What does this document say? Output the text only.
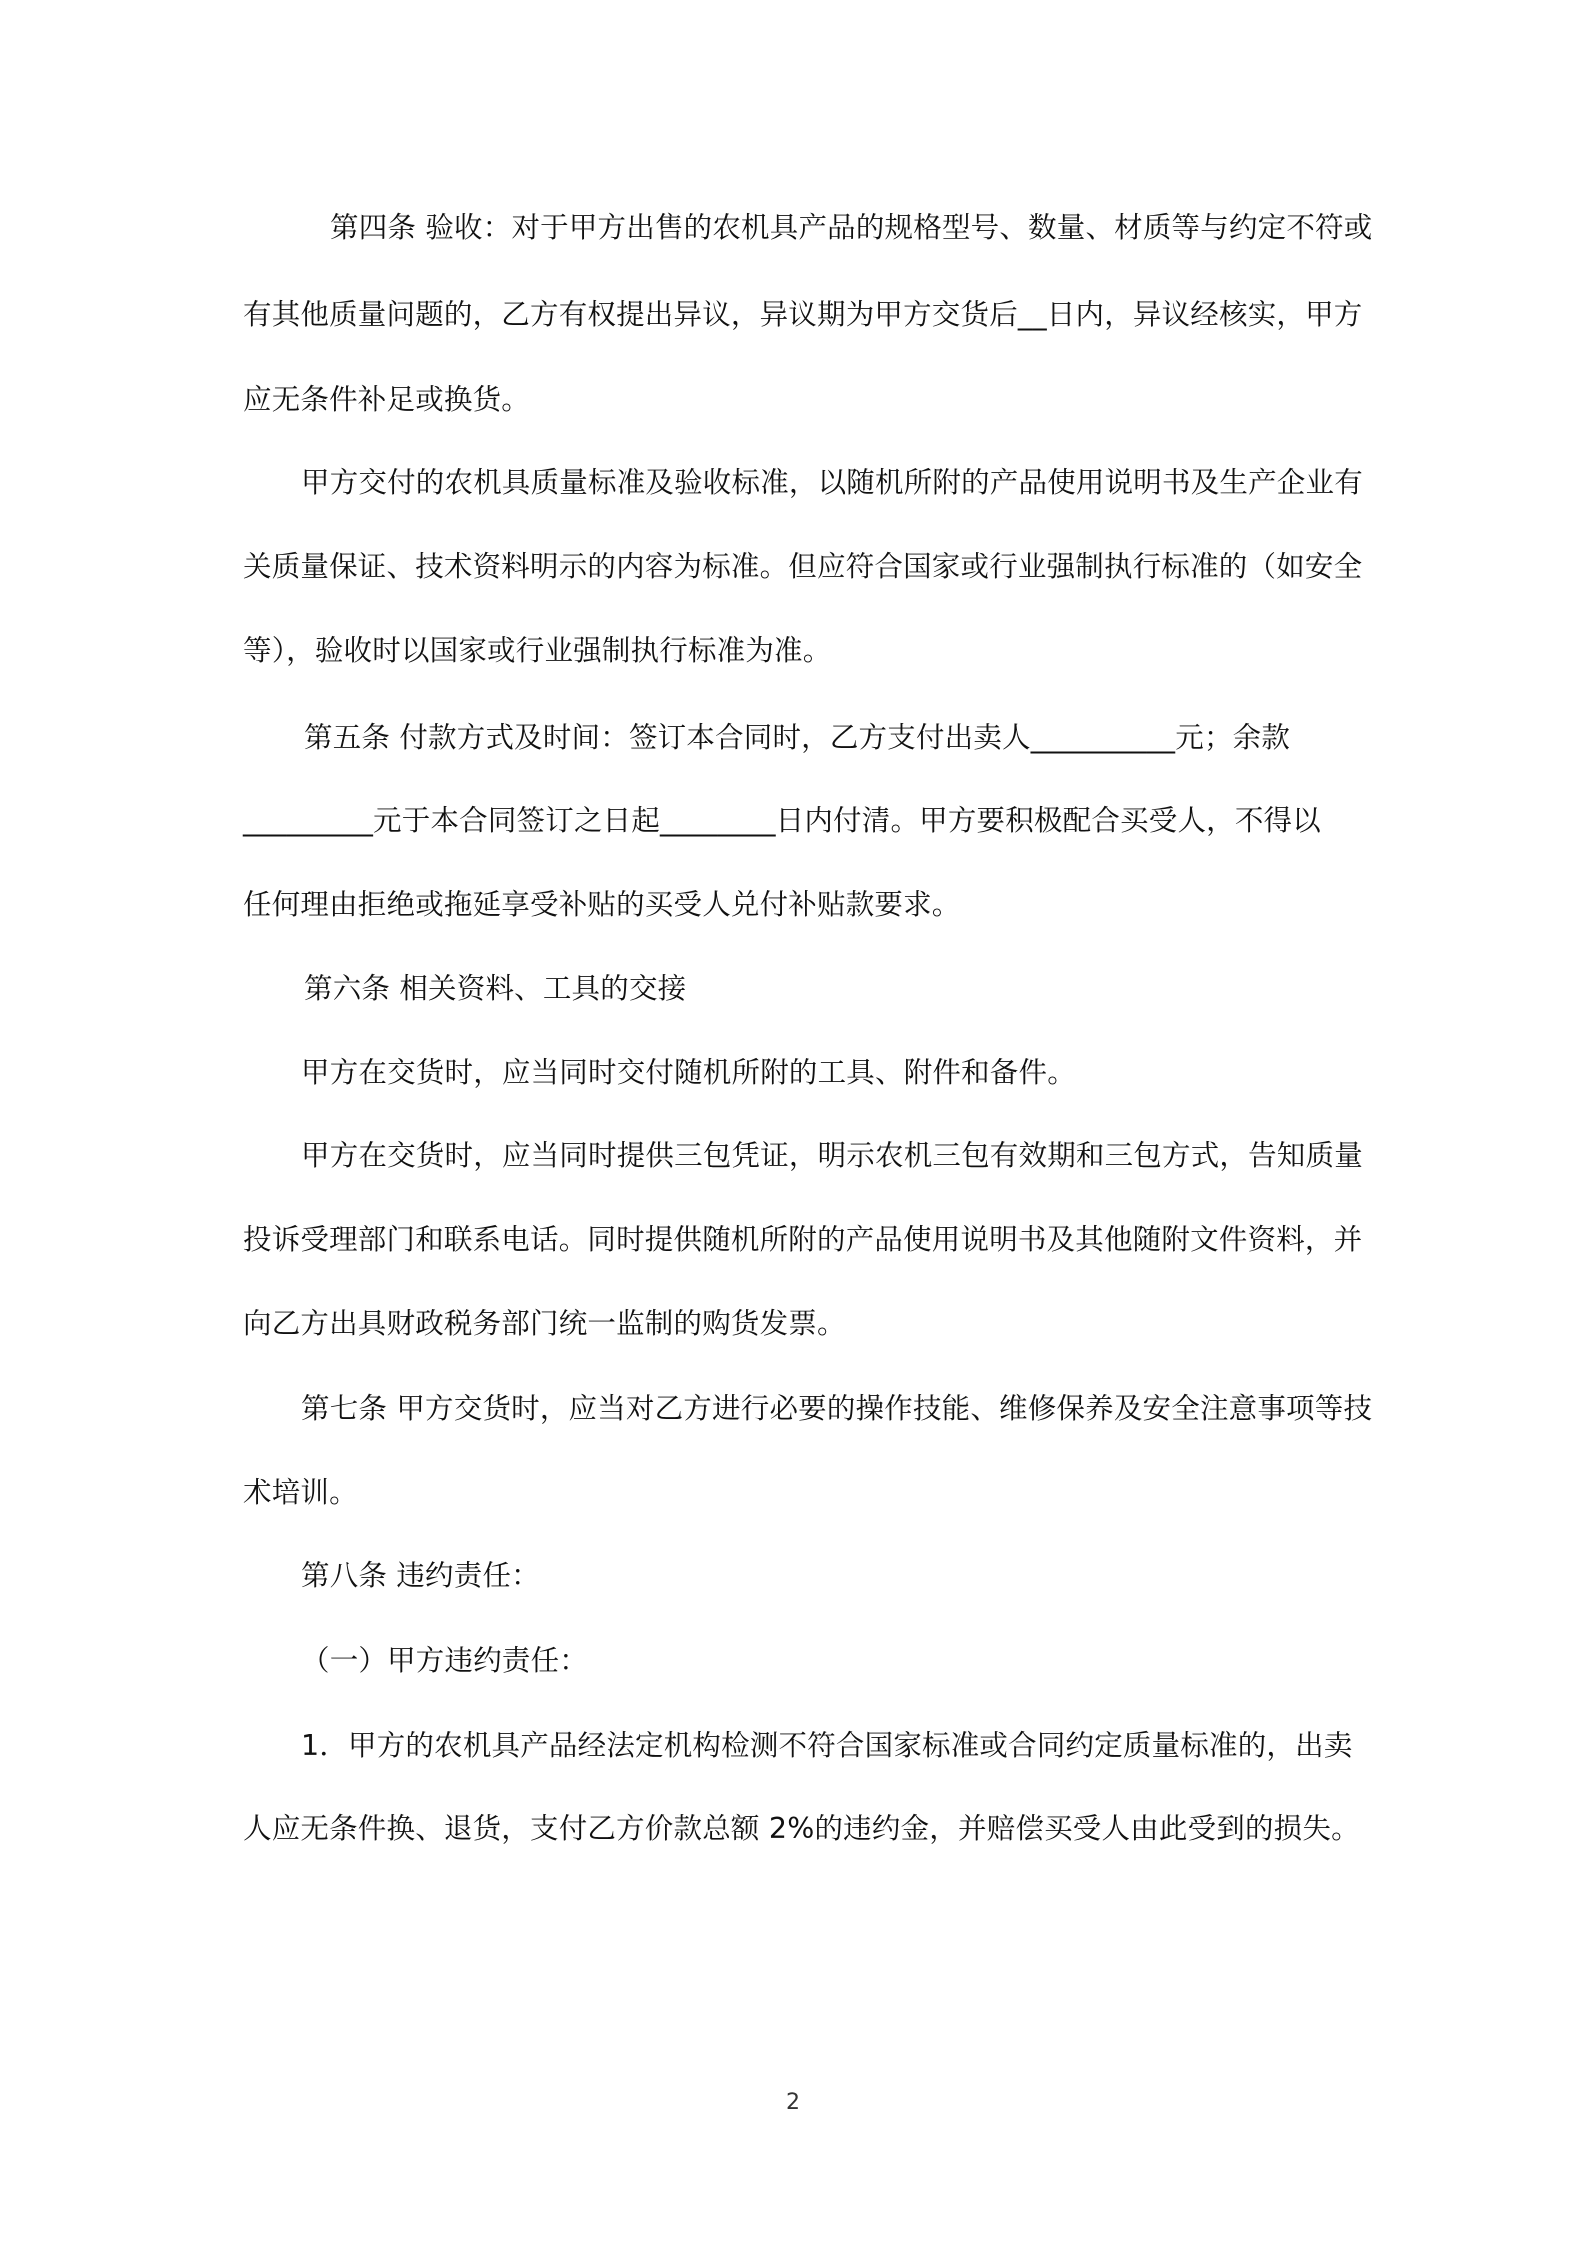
第四条 验收：对于甲方出售的农机具产品的规格型号、数量、材质等与约定不符或
有其他质量问题的，乙方有权提出异议，异议期为甲方交货后__日内，异议经核实，甲方
应无条件补足或换货。
甲方交付的农机具质量标准及验收标准，以随机所附的产品使用说明书及生产企业有
关质量保证、技术资料明示的内容为标准。但应符合国家或行业强制执行标准的（如安全
等），验收时以国家或行业强制执行标准为准。
第五条 付款方式及时间：签订本合同时，乙方支付出卖人__________元；余款
_________元于本合同签订之日起________日内付清。甲方要积极配合买受人，不得以
任何理由拒绝或拖延享受补贴的买受人兑付补贴款要求。
第六条 相关资料、工具的交接
甲方在交货时，应当同时交付随机所附的工具、附件和备件。
甲方在交货时，应当同时提供三包凭证，明示农机三包有效期和三包方式，告知质量
投诉受理部门和联系电话。同时提供随机所附的产品使用说明书及其他随附文件资料，并
向乙方出具财政税务部门统一监制的购货发票。
第七条 甲方交货时，应当对乙方进行必要的操作技能、维修保养及安全注意事项等技
术培训。
第八条 违约责任：
（一）甲方违约责任：
1．甲方的农机具产品经法定机构检测不符合国家标准或合同约定质量标准的，出卖
人应无条件换、退货，支付乙方价款总额 2%的违约金，并赔偿买受人由此受到的损失。
2
